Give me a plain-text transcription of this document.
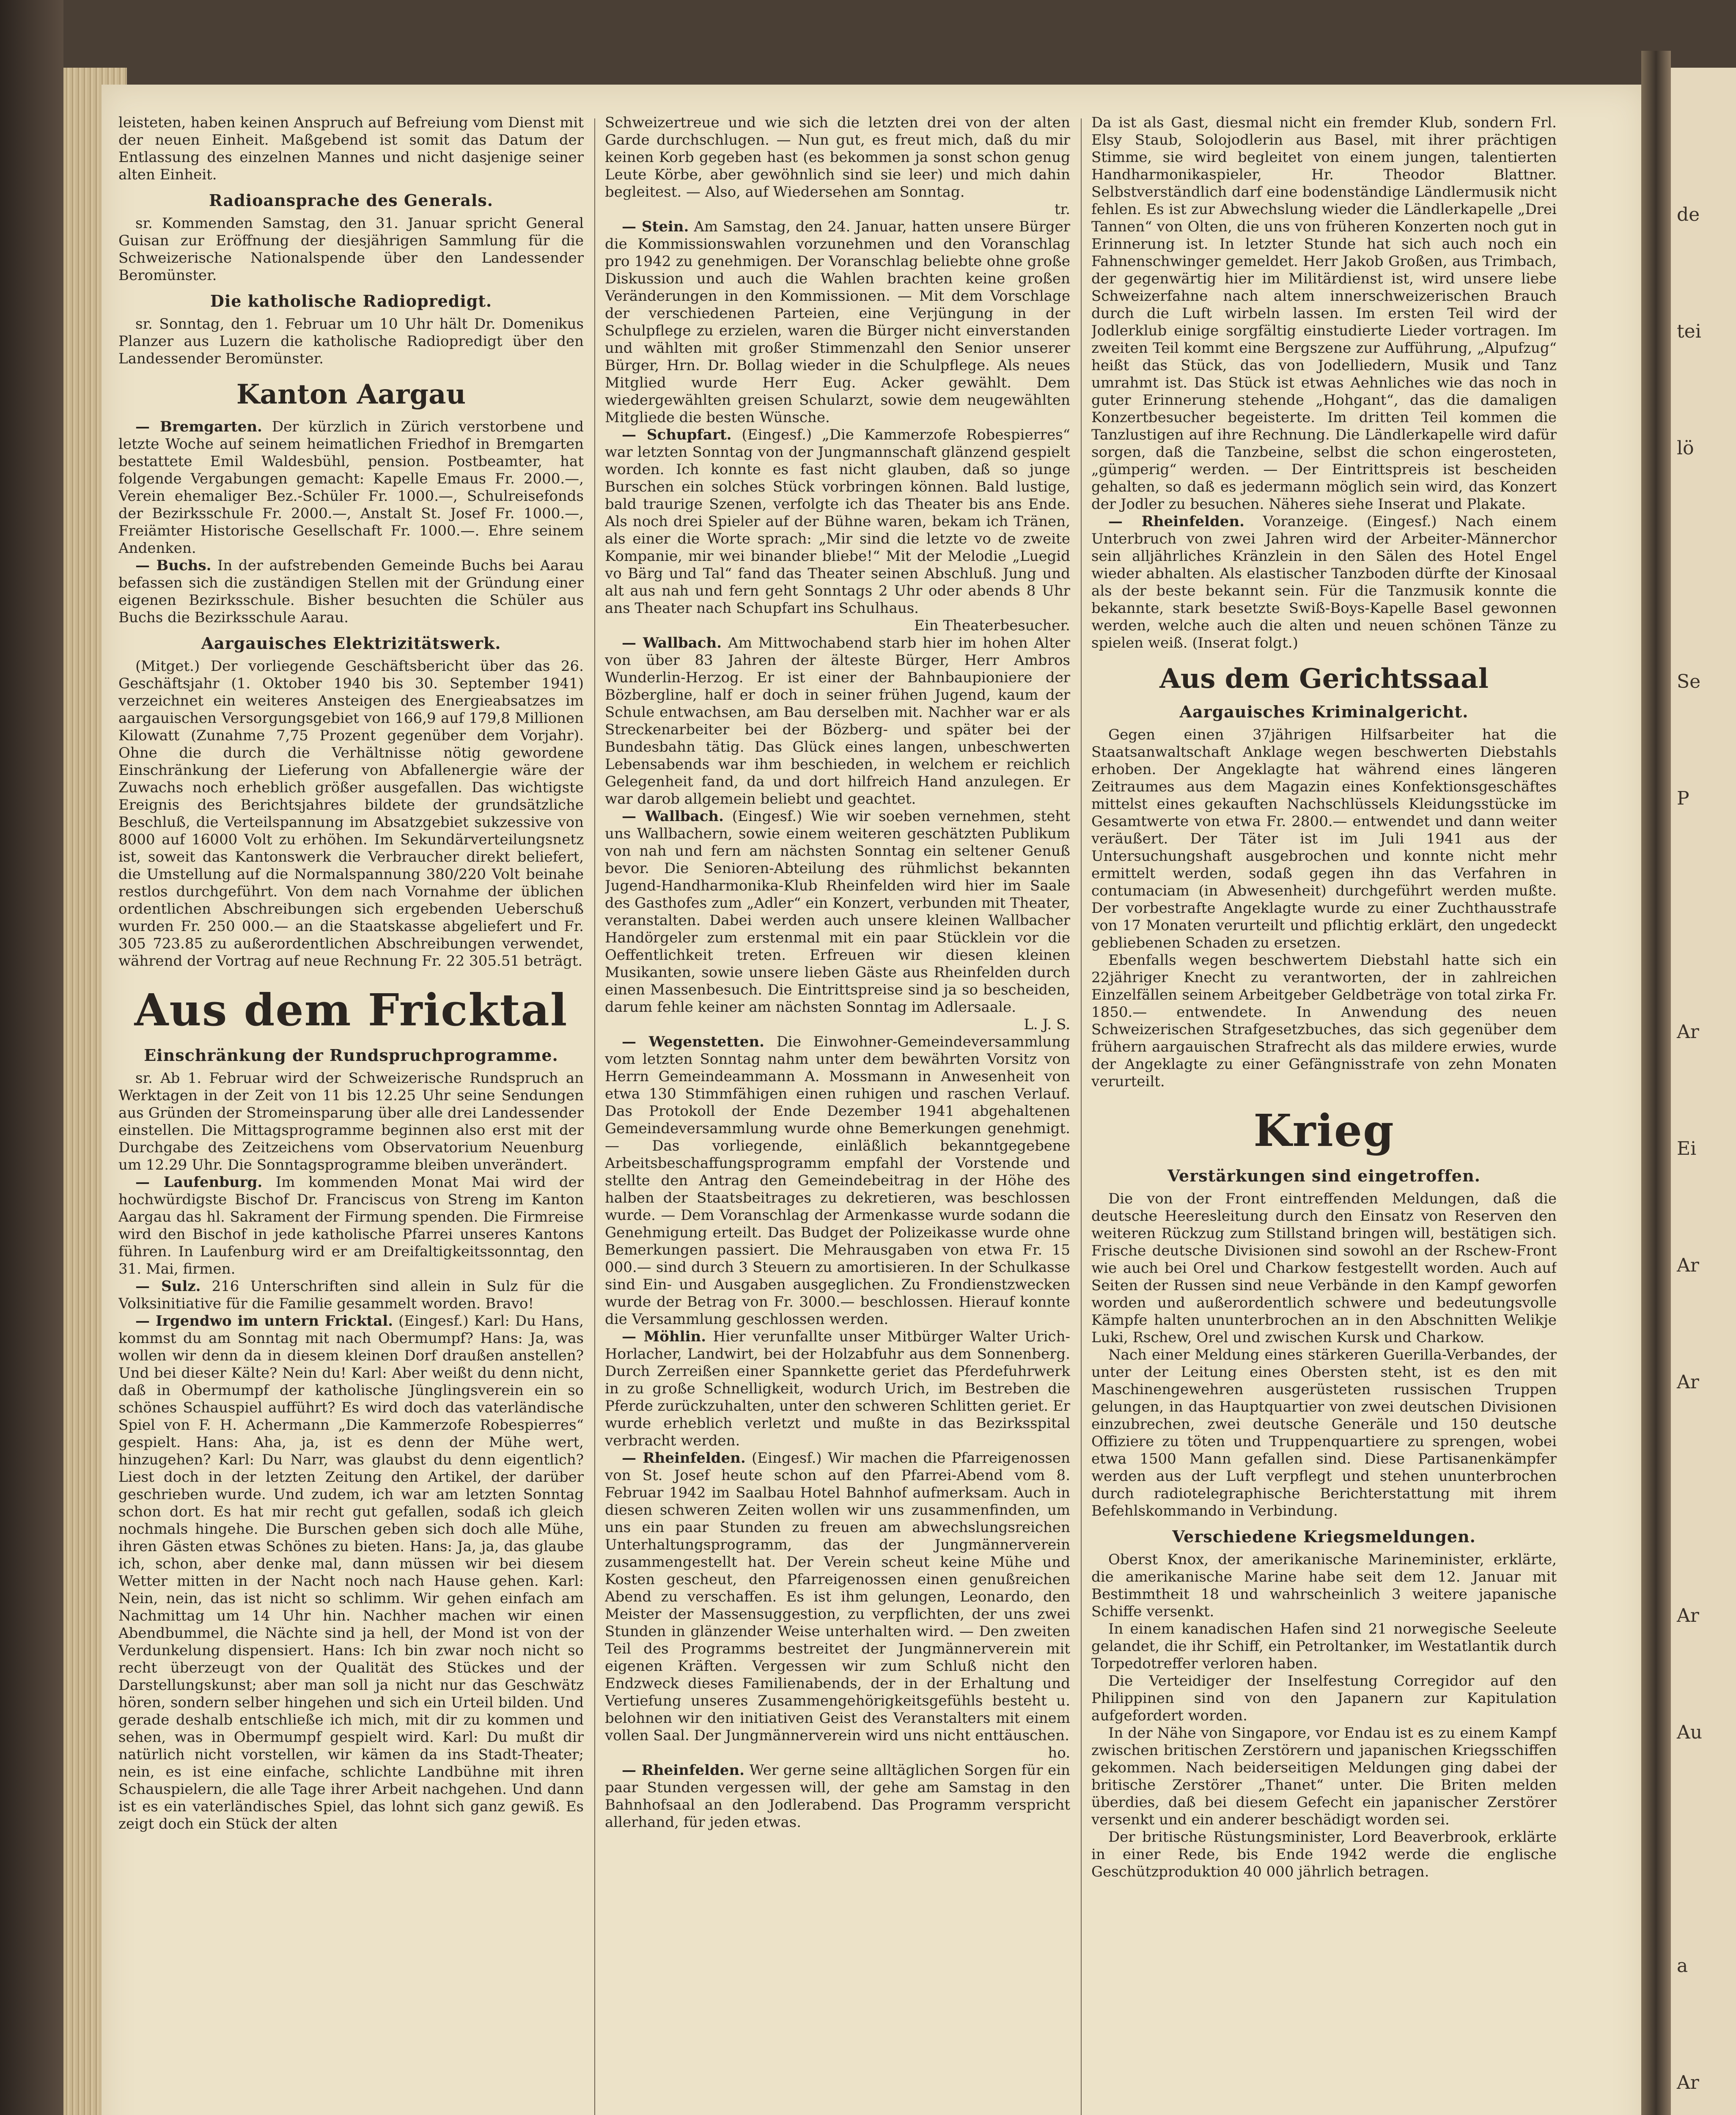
leisteten, haben keinen Anspruch auf Befreiung vom Dienst mit der neuen Einheit. Maßgebend ist somit das Datum der Entlassung des einzelnen Mannes und nicht dasjenige seiner alten Einheit.

Radioansprache des Generals.

sr. Kommenden Samstag, den 31. Januar spricht General Guisan zur Eröffnung der diesjährigen Sammlung für die Schweizerische Nationalspende über den Landessender Beromünster.

Die katholische Radiopredigt.

sr. Sonntag, den 1. Februar um 10 Uhr hält Dr. Domenikus Planzer aus Luzern die katholische Radiopredigt über den Landessender Beromünster.

Kanton Aargau

— Bremgarten. Der kürzlich in Zürich verstorbene und letzte Woche auf seinem heimatlichen Friedhof in Bremgarten bestattete Emil Waldesbühl, pension. Postbeamter, hat folgende Vergabungen gemacht: Kapelle Emaus Fr. 2000.—, Verein ehemaliger Bez.-Schüler Fr. 1000.—, Schulreisefonds der Bezirksschule Fr. 2000.—, Anstalt St. Josef Fr. 1000.—, Freiämter Historische Gesellschaft Fr. 1000.—. Ehre seinem Andenken.

— Buchs. In der aufstrebenden Gemeinde Buchs bei Aarau befassen sich die zuständigen Stellen mit der Gründung einer eigenen Bezirksschule. Bisher besuchten die Schüler aus Buchs die Bezirksschule Aarau.

Aargauisches Elektrizitätswerk.

(Mitget.) Der vorliegende Geschäftsbericht über das 26. Geschäftsjahr (1. Oktober 1940 bis 30. September 1941) verzeichnet ein weiteres Ansteigen des Energieabsatzes im aargauischen Versorgungsgebiet von 166,9 auf 179,8 Millionen Kilowatt (Zunahme 7,75 Prozent gegenüber dem Vorjahr). Ohne die durch die Verhältnisse nötig gewordene Einschränkung der Lieferung von Abfallenergie wäre der Zuwachs noch erheblich größer ausgefallen. Das wichtigste Ereignis des Berichtsjahres bildete der grundsätzliche Beschluß, die Verteilspannung im Absatzgebiet sukzessive von 8000 auf 16000 Volt zu erhöhen. Im Sekundärverteilungsnetz ist, soweit das Kantonswerk die Verbraucher direkt beliefert, die Umstellung auf die Normalspannung 380/220 Volt beinahe restlos durchgeführt. Von dem nach Vornahme der üblichen ordentlichen Abschreibungen sich ergebenden Ueberschuß wurden Fr. 250 000.— an die Staatskasse abgeliefert und Fr. 305 723.85 zu außerordentlichen Abschreibungen verwendet, während der Vortrag auf neue Rechnung Fr. 22 305.51 beträgt.

Aus dem Fricktal
Einschränkung der Rundspruchprogramme.

sr. Ab 1. Februar wird der Schweizerische Rundspruch an Werktagen in der Zeit von 11 bis 12.25 Uhr seine Sendungen aus Gründen der Stromeinsparung über alle drei Landessender einstellen. Die Mittagsprogramme beginnen also erst mit der Durchgabe des Zeitzeichens vom Observatorium Neuenburg um 12.29 Uhr. Die Sonntagsprogramme bleiben unverändert.

— Laufenburg. Im kommenden Monat Mai wird der hochwürdigste Bischof Dr. Franciscus von Streng im Kanton Aargau das hl. Sakrament der Firmung spenden. Die Firmreise wird den Bischof in jede katholische Pfarrei unseres Kantons führen. In Laufenburg wird er am Dreifaltigkeitssonntag, den 31. Mai, firmen.

— Sulz. 216 Unterschriften sind allein in Sulz für die Volksinitiative für die Familie gesammelt worden. Bravo!

— Irgendwo im untern Fricktal. (Eingesf.) Karl: Du Hans, kommst du am Sonntag mit nach Obermumpf? Hans: Ja, was wollen wir denn da in diesem kleinen Dorf draußen anstellen? Und bei dieser Kälte? Nein du! Karl: Aber weißt du denn nicht, daß in Obermumpf der katholische Jünglingsverein ein so schönes Schauspiel aufführt? Es wird doch das vaterländische Spiel von F. H. Achermann „Die Kammerzofe Robespierres“ gespielt. Hans: Aha, ja, ist es denn der Mühe wert, hinzugehen? Karl: Du Narr, was glaubst du denn eigentlich? Liest doch in der letzten Zeitung den Artikel, der darüber geschrieben wurde. Und zudem, ich war am letzten Sonntag schon dort. Es hat mir recht gut gefallen, sodaß ich gleich nochmals hingehe. Die Burschen geben sich doch alle Mühe, ihren Gästen etwas Schönes zu bieten. Hans: Ja, ja, das glaube ich, schon, aber denke mal, dann müssen wir bei diesem Wetter mitten in der Nacht noch nach Hause gehen. Karl: Nein, nein, das ist nicht so schlimm. Wir gehen einfach am Nachmittag um 14 Uhr hin. Nachher machen wir einen Abendbummel, die Nächte sind ja hell, der Mond ist von der Verdunkelung dispensiert. Hans: Ich bin zwar noch nicht so recht überzeugt von der Qualität des Stückes und der Darstellungskunst; aber man soll ja nicht nur das Geschwätz hören, sondern selber hingehen und sich ein Urteil bilden. Und gerade deshalb entschließe ich mich, mit dir zu kommen und sehen, was in Obermumpf gespielt wird. Karl: Du mußt dir natürlich nicht vorstellen, wir kämen da ins Stadt-Theater; nein, es ist eine einfache, schlichte Landbühne mit ihren Schauspielern, die alle Tage ihrer Arbeit nachgehen. Und dann ist es ein vaterländisches Spiel, das lohnt sich ganz gewiß. Es zeigt doch ein Stück der alten

Schweizertreue und wie sich die letzten drei von der alten Garde durchschlugen. — Nun gut, es freut mich, daß du mir keinen Korb gegeben hast (es bekommen ja sonst schon genug Leute Körbe, aber gewöhnlich sind sie leer) und mich dahin begleitest. — Also, auf Wiedersehen am Sonntag.

tr.

— Stein. Am Samstag, den 24. Januar, hatten unsere Bürger die Kommissionswahlen vorzunehmen und den Voranschlag pro 1942 zu genehmigen. Der Voranschlag beliebte ohne große Diskussion und auch die Wahlen brachten keine großen Veränderungen in den Kommissionen. — Mit dem Vorschlage der verschiedenen Parteien, eine Verjüngung in der Schulpflege zu erzielen, waren die Bürger nicht einverstanden und wählten mit großer Stimmenzahl den Senior unserer Bürger, Hrn. Dr. Bollag wieder in die Schulpflege. Als neues Mitglied wurde Herr Eug. Acker gewählt. Dem wiedergewählten greisen Schularzt, sowie dem neugewählten Mitgliede die besten Wünsche.

— Schupfart. (Eingesf.) „Die Kammerzofe Robespierres“ war letzten Sonntag von der Jungmannschaft glänzend gespielt worden. Ich konnte es fast nicht glauben, daß so junge Burschen ein solches Stück vorbringen können. Bald lustige, bald traurige Szenen, verfolgte ich das Theater bis ans Ende. Als noch drei Spieler auf der Bühne waren, bekam ich Tränen, als einer die Worte sprach: „Mir sind die letzte vo de zweite Kompanie, mir wei binander bliebe!“ Mit der Melodie „Luegid vo Bärg und Tal“ fand das Theater seinen Abschluß. Jung und alt aus nah und fern geht Sonntags 2 Uhr oder abends 8 Uhr ans Theater nach Schupfart ins Schulhaus.

Ein Theaterbesucher.

— Wallbach. Am Mittwochabend starb hier im hohen Alter von über 83 Jahren der älteste Bürger, Herr Ambros Wunderlin-Herzog. Er ist einer der Bahnbaupioniere der Bözbergline, half er doch in seiner frühen Jugend, kaum der Schule entwachsen, am Bau derselben mit. Nachher war er als Streckenarbeiter bei der Bözberg- und später bei der Bundesbahn tätig. Das Glück eines langen, unbeschwerten Lebensabends war ihm beschieden, in welchem er reichlich Gelegenheit fand, da und dort hilfreich Hand anzulegen. Er war darob allgemein beliebt und geachtet.

— Wallbach. (Eingesf.) Wie wir soeben vernehmen, steht uns Wallbachern, sowie einem weiteren geschätzten Publikum von nah und fern am nächsten Sonntag ein seltener Genuß bevor. Die Senioren-Abteilung des rühmlichst bekannten Jugend-Handharmonika-Klub Rheinfelden wird hier im Saale des Gasthofes zum „Adler“ ein Konzert, verbunden mit Theater, veranstalten. Dabei werden auch unsere kleinen Wallbacher Handörgeler zum erstenmal mit ein paar Stücklein vor die Oeffentlichkeit treten. Erfreuen wir diesen kleinen Musikanten, sowie unsere lieben Gäste aus Rheinfelden durch einen Massenbesuch. Die Eintrittspreise sind ja so bescheiden, darum fehle keiner am nächsten Sonntag im Adlersaale.

L. J. S.

— Wegenstetten. Die Einwohner-Gemeindeversammlung vom letzten Sonntag nahm unter dem bewährten Vorsitz von Herrn Gemeindeammann A. Mossmann in Anwesenheit von etwa 130 Stimmfähigen einen ruhigen und raschen Verlauf. Das Protokoll der Ende Dezember 1941 abgehaltenen Gemeindeversammlung wurde ohne Bemerkungen genehmigt. — Das vorliegende, einläßlich bekanntgegebene Arbeitsbeschaffungsprogramm empfahl der Vorstende und stellte den Antrag den Gemeindebeitrag in der Höhe des halben der Staatsbeitrages zu dekretieren, was beschlossen wurde. — Dem Voranschlag der Armenkasse wurde sodann die Genehmigung erteilt. Das Budget der Polizeikasse wurde ohne Bemerkungen passiert. Die Mehrausgaben von etwa Fr. 15 000.— sind durch 3 Steuern zu amortisieren. In der Schulkasse sind Ein- und Ausgaben ausgeglichen. Zu Frondienstzwecken wurde der Betrag von Fr. 3000.— beschlossen. Hierauf konnte die Versammlung geschlossen werden.

— Möhlin. Hier verunfallte unser Mitbürger Walter Urich-Horlacher, Landwirt, bei der Holzabfuhr aus dem Sonnenberg. Durch Zerreißen einer Spannkette geriet das Pferdefuhrwerk in zu große Schnelligkeit, wodurch Urich, im Bestreben die Pferde zurückzuhalten, unter den schweren Schlitten geriet. Er wurde erheblich verletzt und mußte in das Bezirksspital verbracht werden.

— Rheinfelden. (Eingesf.) Wir machen die Pfarreigenossen von St. Josef heute schon auf den Pfarrei-Abend vom 8. Februar 1942 im Saalbau Hotel Bahnhof aufmerksam. Auch in diesen schweren Zeiten wollen wir uns zusammenfinden, um uns ein paar Stunden zu freuen am abwechslungsreichen Unterhaltungsprogramm, das der Jungmännerverein zusammengestellt hat. Der Verein scheut keine Mühe und Kosten gescheut, den Pfarreigenossen einen genußreichen Abend zu verschaffen. Es ist ihm gelungen, Leonardo, den Meister der Massensuggestion, zu verpflichten, der uns zwei Stunden in glänzender Weise unterhalten wird. — Den zweiten Teil des Programms bestreitet der Jungmännerverein mit eigenen Kräften. Vergessen wir zum Schluß nicht den Endzweck dieses Familienabends, der in der Erhaltung und Vertiefung unseres Zusammengehörigkeitsgefühls besteht u. belohnen wir den initiativen Geist des Veranstalters mit einem vollen Saal. Der Jungmännerverein wird uns nicht enttäuschen.

ho.

— Rheinfelden. Wer gerne seine alltäglichen Sorgen für ein paar Stunden vergessen will, der gehe am Samstag in den Bahnhofsaal an den Jodlerabend. Das Programm verspricht allerhand, für jeden etwas.

Da ist als Gast, diesmal nicht ein fremder Klub, sondern Frl. Elsy Staub, Solojodlerin aus Basel, mit ihrer prächtigen Stimme, sie wird begleitet von einem jungen, talentierten Handharmonikaspieler, Hr. Theodor Blattner. Selbstverständlich darf eine bodenständige Ländlermusik nicht fehlen. Es ist zur Abwechslung wieder die Ländlerkapelle „Drei Tannen“ von Olten, die uns von früheren Konzerten noch gut in Erinnerung ist. In letzter Stunde hat sich auch noch ein Fahnenschwinger gemeldet. Herr Jakob Großen, aus Trimbach, der gegenwärtig hier im Militärdienst ist, wird unsere liebe Schweizerfahne nach altem innerschweizerischen Brauch durch die Luft wirbeln lassen. Im ersten Teil wird der Jodlerklub einige sorgfältig einstudierte Lieder vortragen. Im zweiten Teil kommt eine Bergszene zur Aufführung, „Alpufzug“ heißt das Stück, das von Jodelliedern, Musik und Tanz umrahmt ist. Das Stück ist etwas Aehnliches wie das noch in guter Erinnerung stehende „Hohgant“, das die damaligen Konzertbesucher begeisterte. Im dritten Teil kommen die Tanzlustigen auf ihre Rechnung. Die Ländlerkapelle wird dafür sorgen, daß die Tanzbeine, selbst die schon eingerosteten, „gümperig“ werden. — Der Eintrittspreis ist bescheiden gehalten, so daß es jedermann möglich sein wird, das Konzert der Jodler zu besuchen. Näheres siehe Inserat und Plakate.

— Rheinfelden. Voranzeige. (Eingesf.) Nach einem Unterbruch von zwei Jahren wird der Arbeiter-Männerchor sein alljährliches Kränzlein in den Sälen des Hotel Engel wieder abhalten. Als elastischer Tanzboden dürfte der Kinosaal als der beste bekannt sein. Für die Tanzmusik konnte die bekannte, stark besetzte Swiß-Boys-Kapelle Basel gewonnen werden, welche auch die alten und neuen schönen Tänze zu spielen weiß. (Inserat folgt.)

Aus dem Gerichtssaal
Aargauisches Kriminalgericht.

Gegen einen 37jährigen Hilfsarbeiter hat die Staatsanwaltschaft Anklage wegen beschwerten Diebstahls erhoben. Der Angeklagte hat während eines längeren Zeitraumes aus dem Magazin eines Konfektionsgeschäftes mittelst eines gekauften Nachschlüssels Kleidungsstücke im Gesamtwerte von etwa Fr. 2800.— entwendet und dann weiter veräußert. Der Täter ist im Juli 1941 aus der Untersuchungshaft ausgebrochen und konnte nicht mehr ermittelt werden, sodaß gegen ihn das Verfahren in contumaciam (in Abwesenheit) durchgeführt werden mußte. Der vorbestrafte Angeklagte wurde zu einer Zuchthausstrafe von 17 Monaten verurteilt und pflichtig erklärt, den ungedeckt gebliebenen Schaden zu ersetzen.

Ebenfalls wegen beschwertem Diebstahl hatte sich ein 22jähriger Knecht zu verantworten, der in zahlreichen Einzelfällen seinem Arbeitgeber Geldbeträge von total zirka Fr. 1850.— entwendete. In Anwendung des neuen Schweizerischen Strafgesetzbuches, das sich gegenüber dem frühern aargauischen Strafrecht als das mildere erwies, wurde der Angeklagte zu einer Gefängnisstrafe von zehn Monaten verurteilt.

Krieg
Verstärkungen sind eingetroffen.

Die von der Front eintreffenden Meldungen, daß die deutsche Heeresleitung durch den Einsatz von Reserven den weiteren Rückzug zum Stillstand bringen will, bestätigen sich. Frische deutsche Divisionen sind sowohl an der Rschew-Front wie auch bei Orel und Charkow festgestellt worden. Auch auf Seiten der Russen sind neue Verbände in den Kampf geworfen worden und außerordentlich schwere und bedeutungsvolle Kämpfe halten ununterbrochen an in den Abschnitten Welikje Luki, Rschew, Orel und zwischen Kursk und Charkow.

Nach einer Meldung eines stärkeren Guerilla-Verbandes, der unter der Leitung eines Obersten steht, ist es den mit Maschinengewehren ausgerüsteten russischen Truppen gelungen, in das Hauptquartier von zwei deutschen Divisionen einzubrechen, zwei deutsche Generäle und 150 deutsche Offiziere zu töten und Truppenquartiere zu sprengen, wobei etwa 1500 Mann gefallen sind. Diese Partisanenkämpfer werden aus der Luft verpflegt und stehen ununterbrochen durch radiotelegraphische Berichterstattung mit ihrem Befehlskommando in Verbindung.

Verschiedene Kriegsmeldungen.

Oberst Knox, der amerikanische Marineminister, erklärte, die amerikanische Marine habe seit dem 12. Januar mit Bestimmtheit 18 und wahrscheinlich 3 weitere japanische Schiffe versenkt.

In einem kanadischen Hafen sind 21 norwegische Seeleute gelandet, die ihr Schiff, ein Petroltanker, im Westatlantik durch Torpedotreffer verloren haben.

Die Verteidiger der Inselfestung Corregidor auf den Philippinen sind von den Japanern zur Kapitulation aufgefordert worden.

In der Nähe von Singapore, vor Endau ist es zu einem Kampf zwischen britischen Zerstörern und japanischen Kriegsschiffen gekommen. Nach beiderseitigen Meldungen ging dabei der britische Zerstörer „Thanet“ unter. Die Briten melden überdies, daß bei diesem Gefecht ein japanischer Zerstörer versenkt und ein anderer beschädigt worden sei.

Der britische Rüstungsminister, Lord Beaverbrook, erklärte in einer Rede, bis Ende 1942 werde die englische Geschützproduktion 40 000 jährlich betragen.

de
tei
lö

Se
P

Ar
Ei
Ar
Ar

Ar
Au

a
Ar
